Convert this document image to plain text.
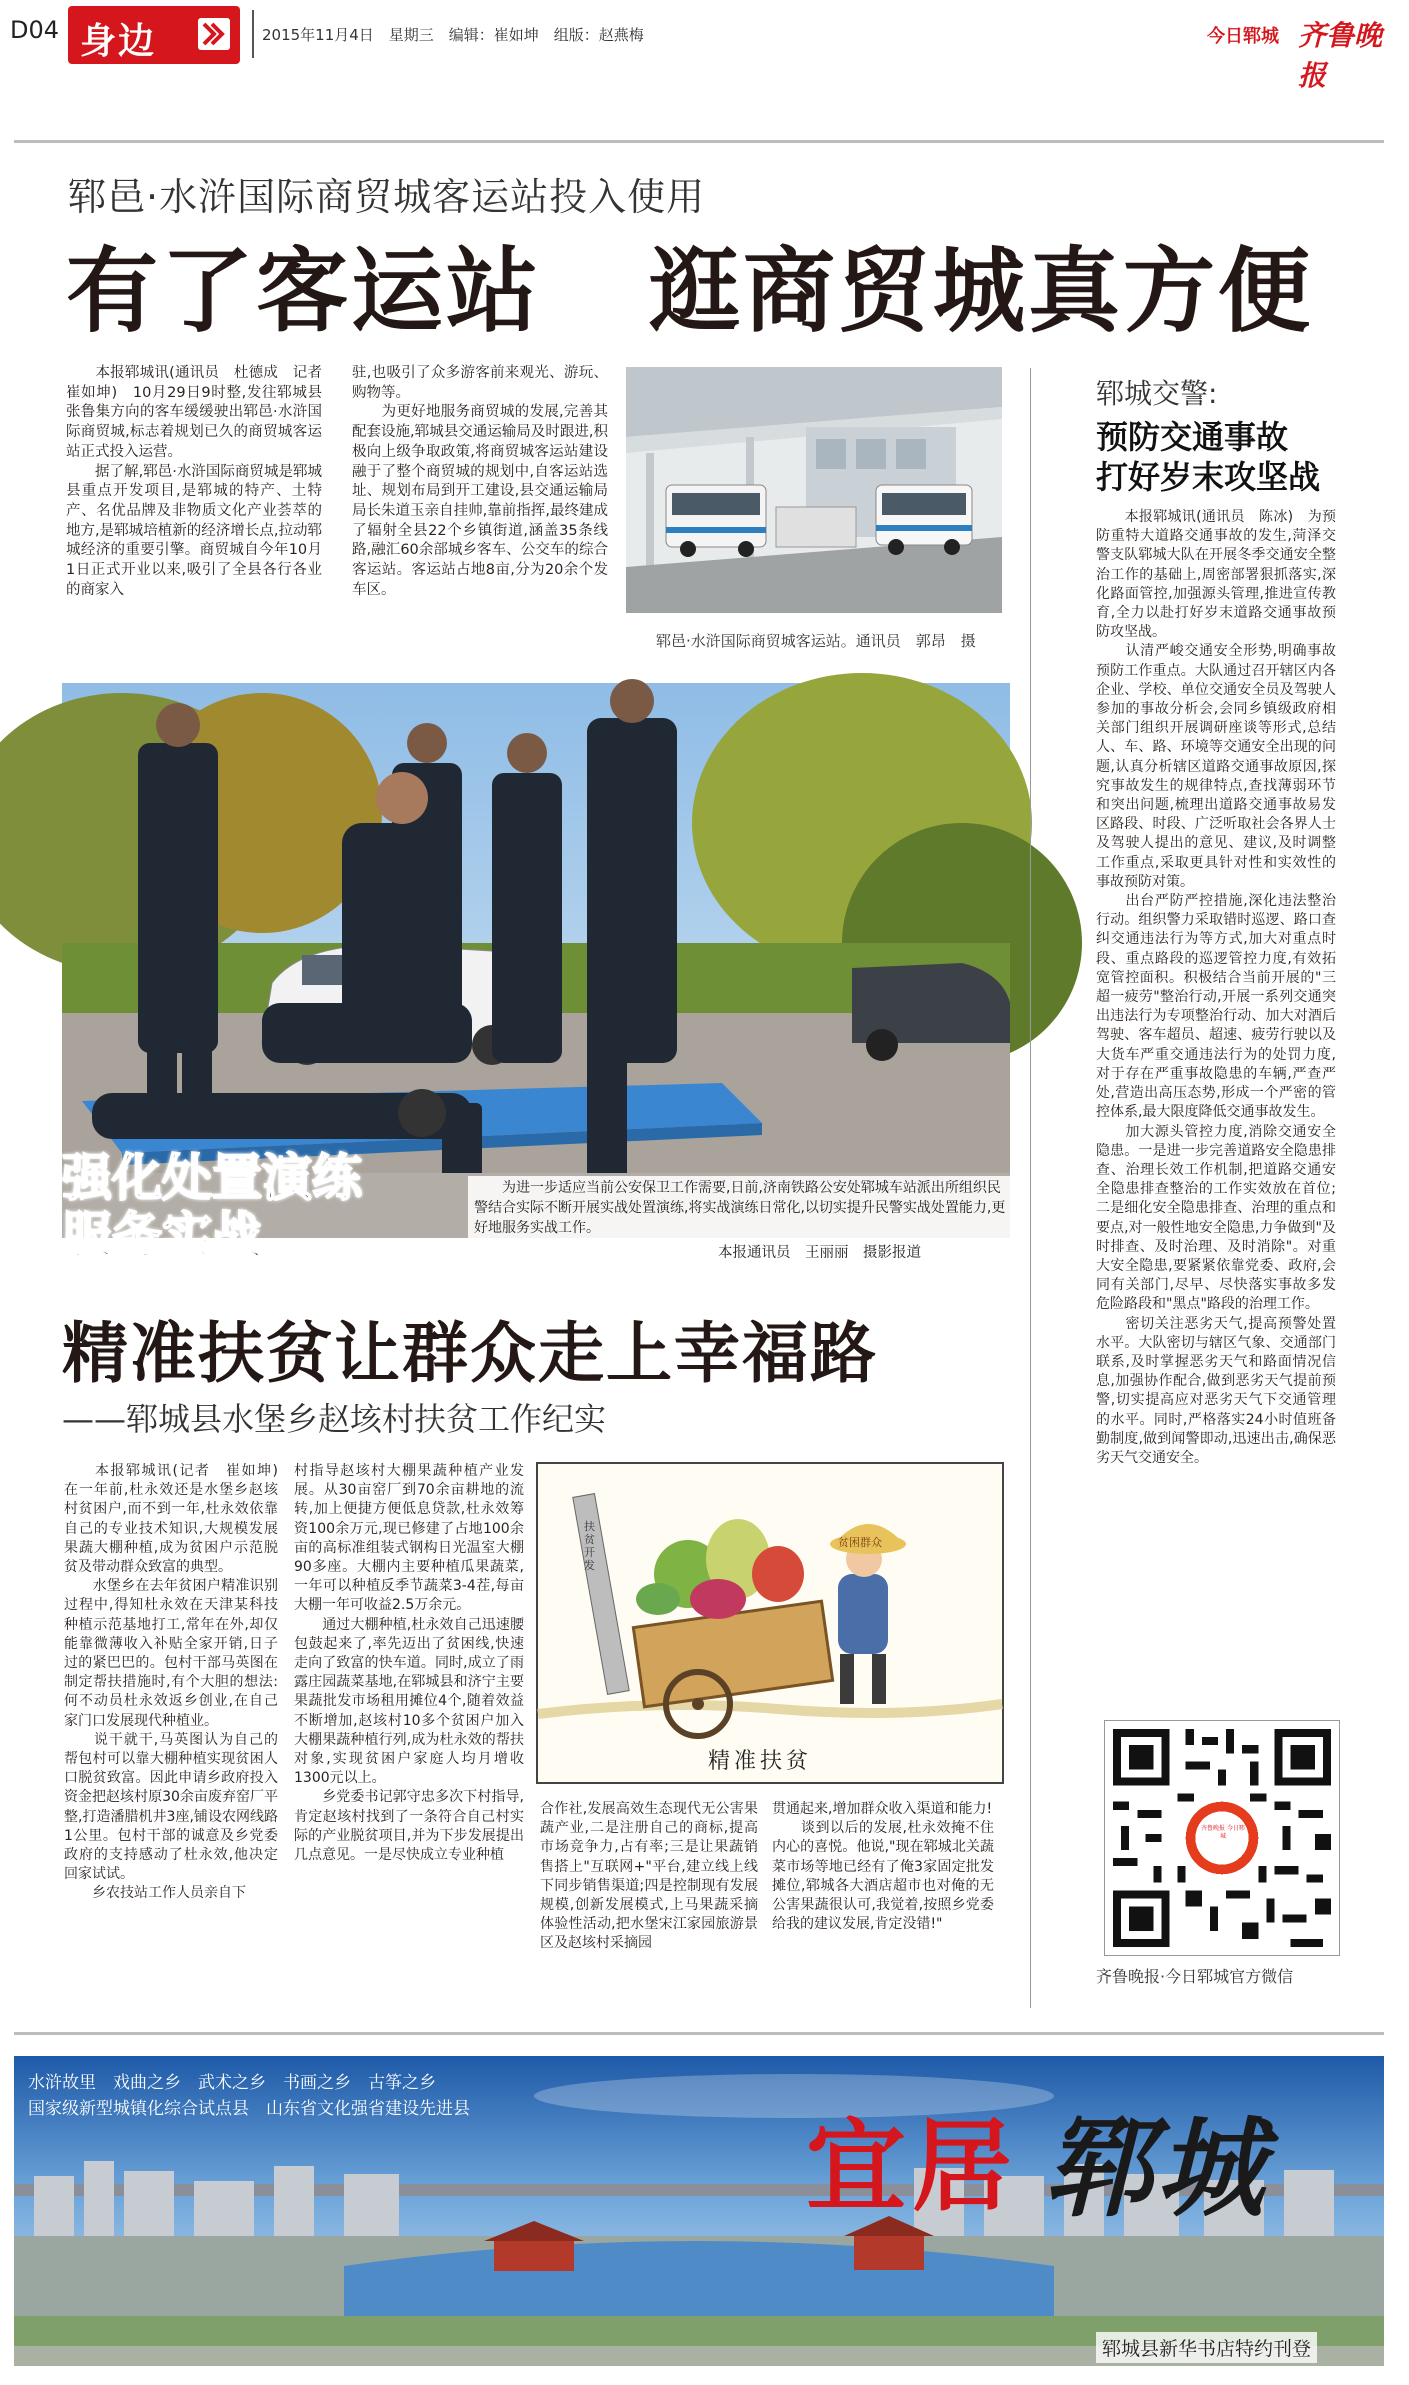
D04 身边	2015年11月4日　星期三　编辑：崔如坤　组版：赵燕梅	今日郓城 齐鲁晚报
郓邑·水浒国际商贸城客运站投入使用
有了客运站 逛商贸城真方便
　　本报郓城讯(通讯员　杜德成　记者　崔如坤)　10月29日9时整,发往郓城县张鲁集方向的客车缓缓驶出郓邑·水浒国际商贸城,标志着规划已久的商贸城客运站正式投入运营。
　　据了解,郓邑·水浒国际商贸城是郓城县重点开发项目,是郓城的特产、土特产、名优品牌及非物质文化产业荟萃的地方,是郓城培植新的经济增长点,拉动郓城经济的重要引擎。商贸城自今年10月1日正式开业以来,吸引了全县各行各业的商家入
驻,也吸引了众多游客前来观光、游玩、购物等。
　　为更好地服务商贸城的发展,完善其配套设施,郓城县交通运输局及时跟进,积极向上级争取政策,将商贸城客运站建设融于了整个商贸城的规划中,自客运站选址、规划布局到开工建设,县交通运输局局长朱道玉亲自挂帅,靠前指挥,最终建成了辐射全县22个乡镇街道,涵盖35条线路,融汇60余部城乡客车、公交车的综合客运站。客运站占地8亩,分为20余个发车区。
郓邑·水浒国际商贸城客运站。通讯员　郭昂　摄
强化处置演练
服务实战
　　为进一步适应当前公安保卫工作需要,日前,济南铁路公安处郓城车站派出所组织民警结合实际不断开展实战处置演练,将实战演练日常化,以切实提升民警实战处置能力,更好地服务实战工作。
本报通讯员　王丽丽　摄影报道
精准扶贫让群众走上幸福路
——郓城县水堡乡赵垓村扶贫工作纪实
　　本报郓城讯(记者　崔如坤)　在一年前,杜永效还是水堡乡赵垓村贫困户,而不到一年,杜永效依靠自己的专业技术知识,大规模发展果蔬大棚种植,成为贫困户示范脱贫及带动群众致富的典型。
　　水堡乡在去年贫困户精准识别过程中,得知杜永效在天津某科技种植示范基地打工,常年在外,却仅能靠微薄收入补贴全家开销,日子过的紧巴巴的。包村干部马英图在制定帮扶措施时,有个大胆的想法:何不动员杜永效返乡创业,在自己家门口发展现代种植业。
　　说干就干,马英图认为自己的帮包村可以靠大棚种植实现贫困人口脱贫致富。因此申请乡政府投入资金把赵垓村原30余亩废弃窑厂平整,打造潘腊机井3座,铺设农网线路1公里。包村干部的诚意及乡党委政府的支持感动了杜永效,他决定回家试试。
　　乡农技站工作人员亲自下
村指导赵垓村大棚果蔬种植产业发展。从30亩窑厂到70余亩耕地的流转,加上便捷方便低息贷款,杜永效筹资100余万元,现已修建了占地100余亩的高标准组装式钢构日光温室大棚90多座。大棚内主要种植瓜果蔬菜,一年可以种植反季节蔬菜3-4茬,每亩大棚一年可收益2.5万余元。
　　通过大棚种植,杜永效自己迅速腰包鼓起来了,率先迈出了贫困线,快速走向了致富的快车道。同时,成立了雨露庄园蔬菜基地,在郓城县和济宁主要果蔬批发市场租用摊位4个,随着效益不断增加,赵垓村10多个贫困户加入大棚果蔬种植行列,成为杜永效的帮扶对象,实现贫困户家庭人均月增收1300元以上。
　　乡党委书记郭守忠多次下村指导,肯定赵垓村找到了一条符合自己村实际的产业脱贫项目,并为下步发展提出几点意见。一是尽快成立专业种植
合作社,发展高效生态现代无公害果蔬产业,二是注册自己的商标,提高市场竞争力,占有率;三是让果蔬销售搭上"互联网+"平台,建立线上线下同步销售渠道;四是控制现有发展规模,创新发展模式,上马果蔬采摘体验性活动,把水堡宋江家园旅游景区及赵垓村采摘园
贯通起来,增加群众收入渠道和能力!
　　谈到以后的发展,杜永效掩不住内心的喜悦。他说,"现在郓城北关蔬菜市场等地已经有了俺3家固定批发摊位,郓城各大酒店超市也对俺的无公害果蔬很认可,我觉着,按照乡党委给我的建议发展,肯定没错!"
扶贫开发
贫困群众
精准扶贫
郓城交警:
预防交通事故
打好岁末攻坚战
　　本报郓城讯(通讯员　陈冰)　为预防重特大道路交通事故的发生,菏泽交警支队郓城大队在开展冬季交通安全整治工作的基础上,周密部署狠抓落实,深化路面管控,加强源头管理,推进宣传教育,全力以赴打好岁末道路交通事故预防攻坚战。
　　认清严峻交通安全形势,明确事故预防工作重点。大队通过召开辖区内各企业、学校、单位交通安全员及驾驶人参加的事故分析会,会同乡镇级政府相关部门组织开展调研座谈等形式,总结人、车、路、环境等交通安全出现的问题,认真分析辖区道路交通事故原因,探究事故发生的规律特点,查找薄弱环节和突出问题,梳理出道路交通事故易发区路段、时段、广泛听取社会各界人士及驾驶人提出的意见、建议,及时调整工作重点,采取更具针对性和实效性的事故预防对策。
　　出台严防严控措施,深化违法整治行动。组织警力采取错时巡逻、路口查纠交通违法行为等方式,加大对重点时段、重点路段的巡逻管控力度,有效拓宽管控面积。积极结合当前开展的"三超一疲劳"整治行动,开展一系列交通突出违法行为专项整治行动、加大对酒后驾驶、客车超员、超速、疲劳行驶以及大货车严重交通违法行为的处罚力度,对于存在严重事故隐患的车辆,严查严处,营造出高压态势,形成一个严密的管控体系,最大限度降低交通事故发生。
　　加大源头管控力度,消除交通安全隐患。一是进一步完善道路安全隐患排查、治理长效工作机制,把道路交通安全隐患排查整治的工作实效放在首位;二是细化安全隐患排查、治理的重点和要点,对一般性地安全隐患,力争做到"及时排查、及时治理、及时消除"。对重大安全隐患,要紧紧依靠党委、政府,会同有关部门,尽早、尽快落实事故多发危险路段和"黑点"路段的治理工作。
　　密切关注恶劣天气,提高预警处置水平。大队密切与辖区气象、交通部门联系,及时掌握恶劣天气和路面情况信息,加强协作配合,做到恶劣天气提前预警,切实提高应对恶劣天气下交通管理的水平。同时,严格落实24小时值班备勤制度,做到闻警即动,迅速出击,确保恶劣天气交通安全。
齐鲁晚报 今日郓城
齐鲁晚报·今日郓城官方微信
水浒故里　戏曲之乡　武术之乡　书画之乡　古筝之乡
国家级新型城镇化综合试点县　山东省文化强省建设先进县	宜居 郓城
郓城县新华书店特约刊登
